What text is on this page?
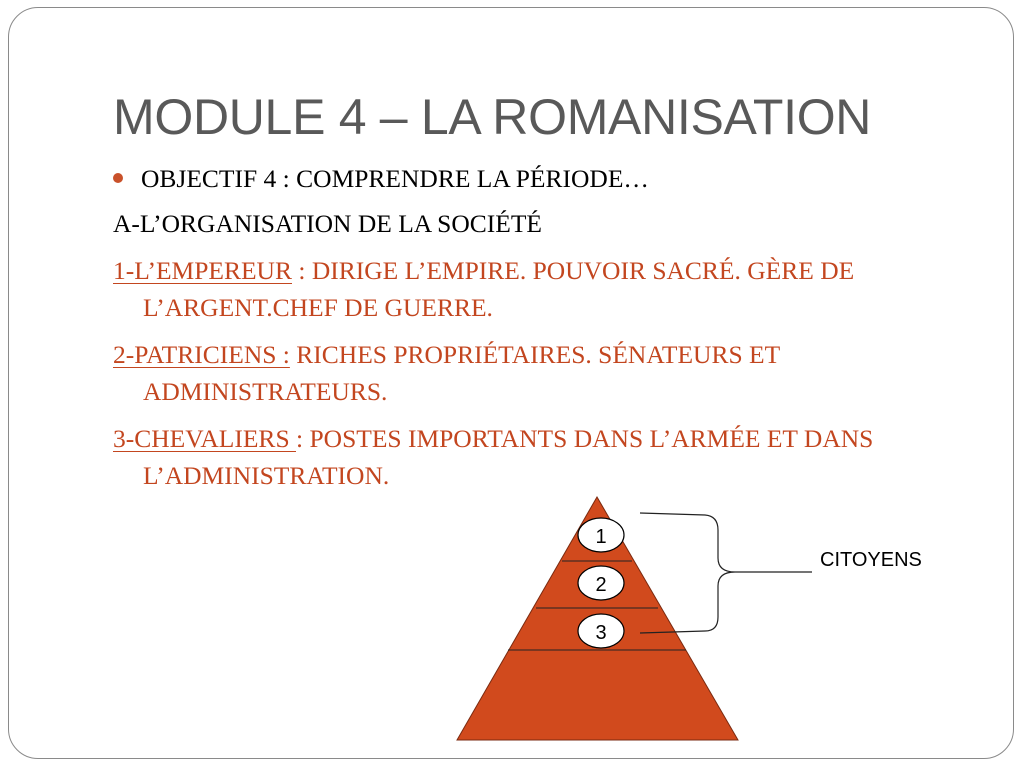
MODULE 4 – LA ROMANISATION
OBJECTIF 4 : COMPRENDRE LA PÉRIODE…
A-L’ORGANISATION DE LA SOCIÉTÉ
1-L’EMPEREUR : DIRIGE L’EMPIRE. POUVOIR SACRÉ. GÈRE DE L’ARGENT.CHEF DE GUERRE.
2-PATRICIENS : RICHES PROPRIÉTAIRES. SÉNATEURS ET ADMINISTRATEURS.
3-CHEVALIERS : POSTES IMPORTANTS DANS L’ARMÉE ET DANS L’ADMINISTRATION.
1
2
3
CITOYENS
